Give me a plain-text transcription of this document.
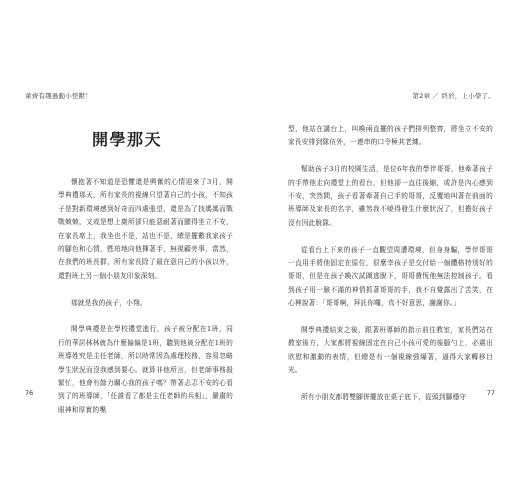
萊齊有趣過動小怪獸！
開學那天

懷抱著不知道是恐懼還是興奮的心情迎來了3月，開學典禮那天，所有家長的視線只望著自己的小孩，不知孩子是對新環境感到好奇而四處張望，還是為了找媽媽而戰戰兢兢，又或是想上廁所卻只能惡耐著而顯得坐立不安，在家長席上，我坐也不是，站也不是，總是擺數我家孩子的腳色和心情，甦珀地向他揮著手，無視顧旁事，當然，在我們的班長群，所有家長除了最在意自己的小孩以外，還對班上另一個小朋友印象深刻。

那就是我的孩子，小翔。

開學典禮是在學校禮堂進行，孩子被分配在1班，同行的華居林林就為什麼偏偏是1班，聽到他被分配在1班的班導姓究是主任老師，所以時常因為處理校務，容易忽略學生狀況而沒我感到要心。就算非他所言，但老師事務殺繁忙，他會有餘力關心我的孩子嗎？帶著忐忑不安的心看到了的班導師，「任誰看了都是主任老師的兵相」，嚴肅的眼神和厚實的嘴

76
第2章 ／ 終於，上小學了。

型，他站在講台上，叫喚兩直擺的孩子們排列整齊，將坐立不安的家長安排到隊伍外，一連串的口令極其老練。

幫助孩子3月的校園生活，是位6年我的學伴哥哥，他牽著孩子的手帶他走向禮堂上的看台，但他卻一直往後縮，或許是內心感到不安，突然間，孩子看著牽著自己手的哥哥，反覆地叫著在前面的班導師及家長的名字，雖然我不曉得發生什麼狀況了，但擔好孩子沒有因此脫隊。

從看台上下來的孩子一直觀望周遭環境，但身身騙，學伴哥哥一直用手將他固定在原位，很麼幸孩子是交付給一個體格特別好的哥哥，但是在孩子喚次試圖逃脫下，哥哥費恆他無法控制孩子。看到孩子用一臉不滿的神情抓著哥哥的手，我不自覺露出了苦笑，在心裡說著：「哥哥啊，拜託你囉，真不好意思，謝謝你。」

開學典禮結束之後，跟著班導師的指示前往教室，家長們站在教室後方，大家都將視線固定在自己小孩可愛的後腦勺上，必震出欣慰和激動的表情，但總是有一個視線強爆著，逼得大家轉移目光。

所有小朋友都將雙腳併攏放在桌子底下，從頭到腳穩守

77
